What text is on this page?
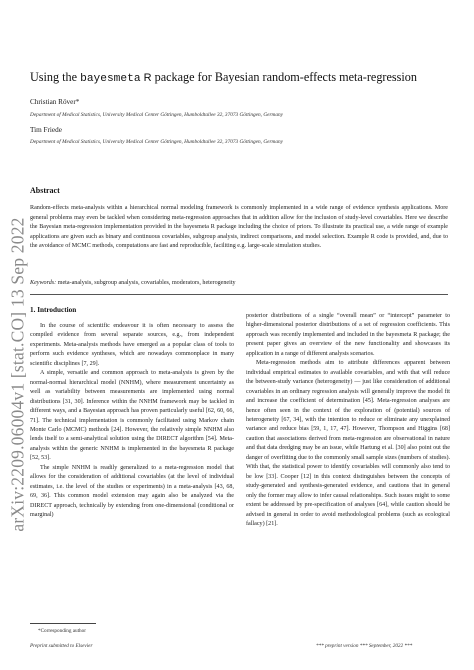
arXiv:2209.06004v1 [stat.CO] 13 Sep 2022
Using the bayesmeta R package for Bayesian random-effects meta-regression
Christian Röver*
Department of Medical Statistics, University Medical Center Göttingen, Humboldtallee 32, 37073 Göttingen, Germany
Tim Friede
Department of Medical Statistics, University Medical Center Göttingen, Humboldtallee 32, 37073 Göttingen, Germany
Abstract
Random-effects meta-analysis within a hierarchical normal modeling framework is commonly implemented in a wide range of evidence synthesis applications. More general problems may even be tackled when considering meta-regression approaches that in addition allow for the inclusion of study-level covariables. Here we describe the Bayesian meta-regression implementation provided in the bayesmeta R package including the choice of priors. To illustrate its practical use, a wide range of example applications are given such as binary and continuous covariables, subgroup analysis, indirect comparisons, and model selection. Example R code is provided, and, due to the avoidance of MCMC methods, computations are fast and reproducible, faciliting e.g. large-scale simulation studies.
Keywords: meta-analysis, subgroup analysis, covariables, moderators, heterogeneity
1. Introduction

In the course of scientific endeavour it is often necessary to assess the compiled evidence from several separate sources, e.g., from independent experiments. Meta-analysis methods have emerged as a popular class of tools to perform such evidence syntheses, which are nowadays commonplace in many scientific disciplines [7, 29].

A simple, versatile and common approach to meta-analysis is given by the normal-normal hierarchical model (NNHM), where measurement uncertainty as well as variability between measurements are implemented using normal distributions [31, 30]. Inference within the NNHM framework may be tackled in different ways, and a Bayesian approach has proven particularly useful [62, 60, 66, 71]. The technical implementation is commonly facilitated using Markov chain Monte Carlo (MCMC) methods [24]. However, the relatively simple NNHM also lends itself to a semi-analytical solution using the DIRECT algorithm [54]. Meta-analysis within the generic NNHM is implemented in the bayesmeta R package [52, 53].

The simple NNHM is readily generalized to a meta-regression model that allows for the consideration of additional covariables (at the level of individual estimates, i.e. the level of the studies or experiments) in a meta-analysis [43, 68, 69, 36]. This common model extension may again also be analyzed via the DIRECT approach, technically by extending from one-dimensional (conditional or marginal)

posterior distributions of a single “overall mean” or “intercept” parameter to higher-dimensional posterior distributions of a set of regression coefficients. This approach was recently implemented and included in the bayesmeta R package; the present paper gives an overview of the new functionality and showcases its application in a range of different analysis scenarios.

Meta-regression methods aim to attribute differences apparent between individual empirical estimates to available covariables, and with that will reduce the between-study variance (heterogeneity) — just like consideration of additional covariables in an ordinary regression analysis will generally improve the model fit and increase the coefficient of determination [45]. Meta-regression analyses are hence often seen in the context of the exploration of (potential) sources of heterogeneity [67, 34], with the intention to reduce or eliminate any unexplained variance and reduce bias [59, 1, 17, 47]. However, Thompson and Higgins [68] caution that associations derived from meta-regression are observational in nature and that data dredging may be an issue, while Hartung et al. [30] also point out the danger of overfitting due to the commonly small sample sizes (numbers of studies). With that, the statistical power to identify covariables will commonly also tend to be low [33]. Cooper [12] in this context distinguishes between the concepts of study-generated and synthesis-generated evidence, and cautions that in general only the former may allow to infer causal relationships. Such issues might to some extent be addressed by pre-specification of analyses [64], while caution should be advised in general in order to avoid methodological problems (such as ecological fallacy) [21].

*Corresponding author
Preprint submitted to Elsevier	*** preprint version *** September, 2022 ***
